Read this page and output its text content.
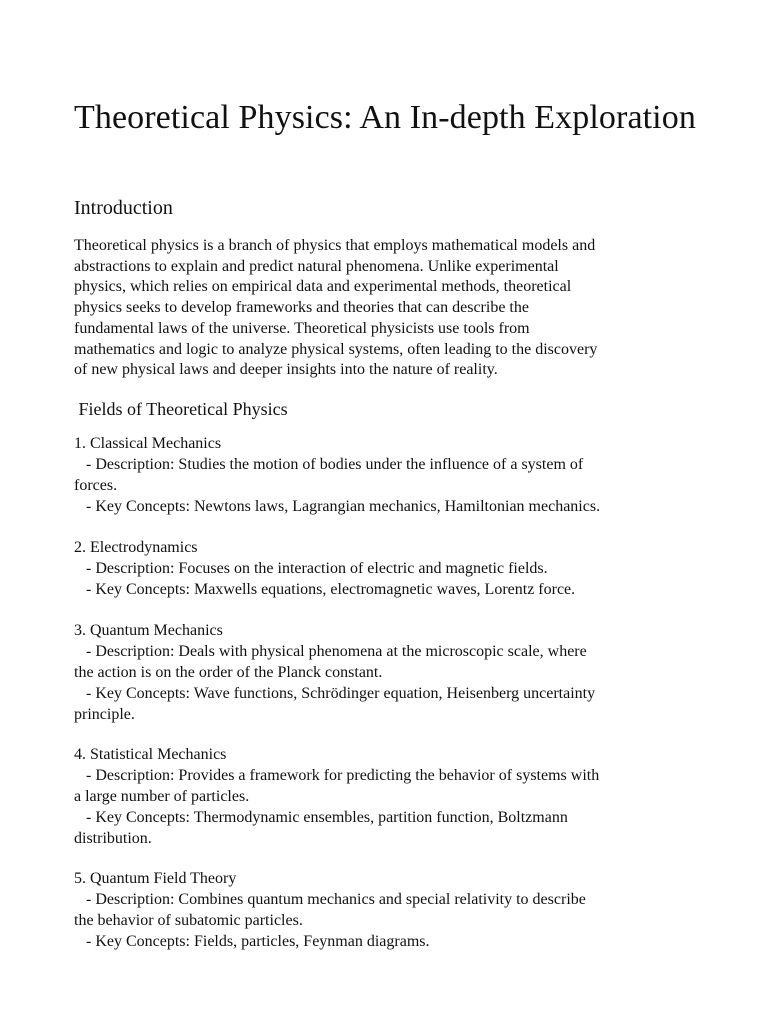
Theoretical Physics: An In-depth Exploration
Introduction
Theoretical physics is a branch of physics that employs mathematical models and
abstractions to explain and predict natural phenomena. Unlike experimental
physics, which relies on empirical data and experimental methods, theoretical
physics seeks to develop frameworks and theories that can describe the
fundamental laws of the universe. Theoretical physicists use tools from
mathematics and logic to analyze physical systems, often leading to the discovery
of new physical laws and deeper insights into the nature of reality.
Fields of Theoretical Physics
1. Classical Mechanics
- Description: Studies the motion of bodies under the influence of a system of
forces.
- Key Concepts: Newtons laws, Lagrangian mechanics, Hamiltonian mechanics.
2. Electrodynamics
- Description: Focuses on the interaction of electric and magnetic fields.
- Key Concepts: Maxwells equations, electromagnetic waves, Lorentz force.
3. Quantum Mechanics
- Description: Deals with physical phenomena at the microscopic scale, where
the action is on the order of the Planck constant.
- Key Concepts: Wave functions, Schrödinger equation, Heisenberg uncertainty
principle.
4. Statistical Mechanics
- Description: Provides a framework for predicting the behavior of systems with
a large number of particles.
- Key Concepts: Thermodynamic ensembles, partition function, Boltzmann
distribution.
5. Quantum Field Theory
- Description: Combines quantum mechanics and special relativity to describe
the behavior of subatomic particles.
- Key Concepts: Fields, particles, Feynman diagrams.
